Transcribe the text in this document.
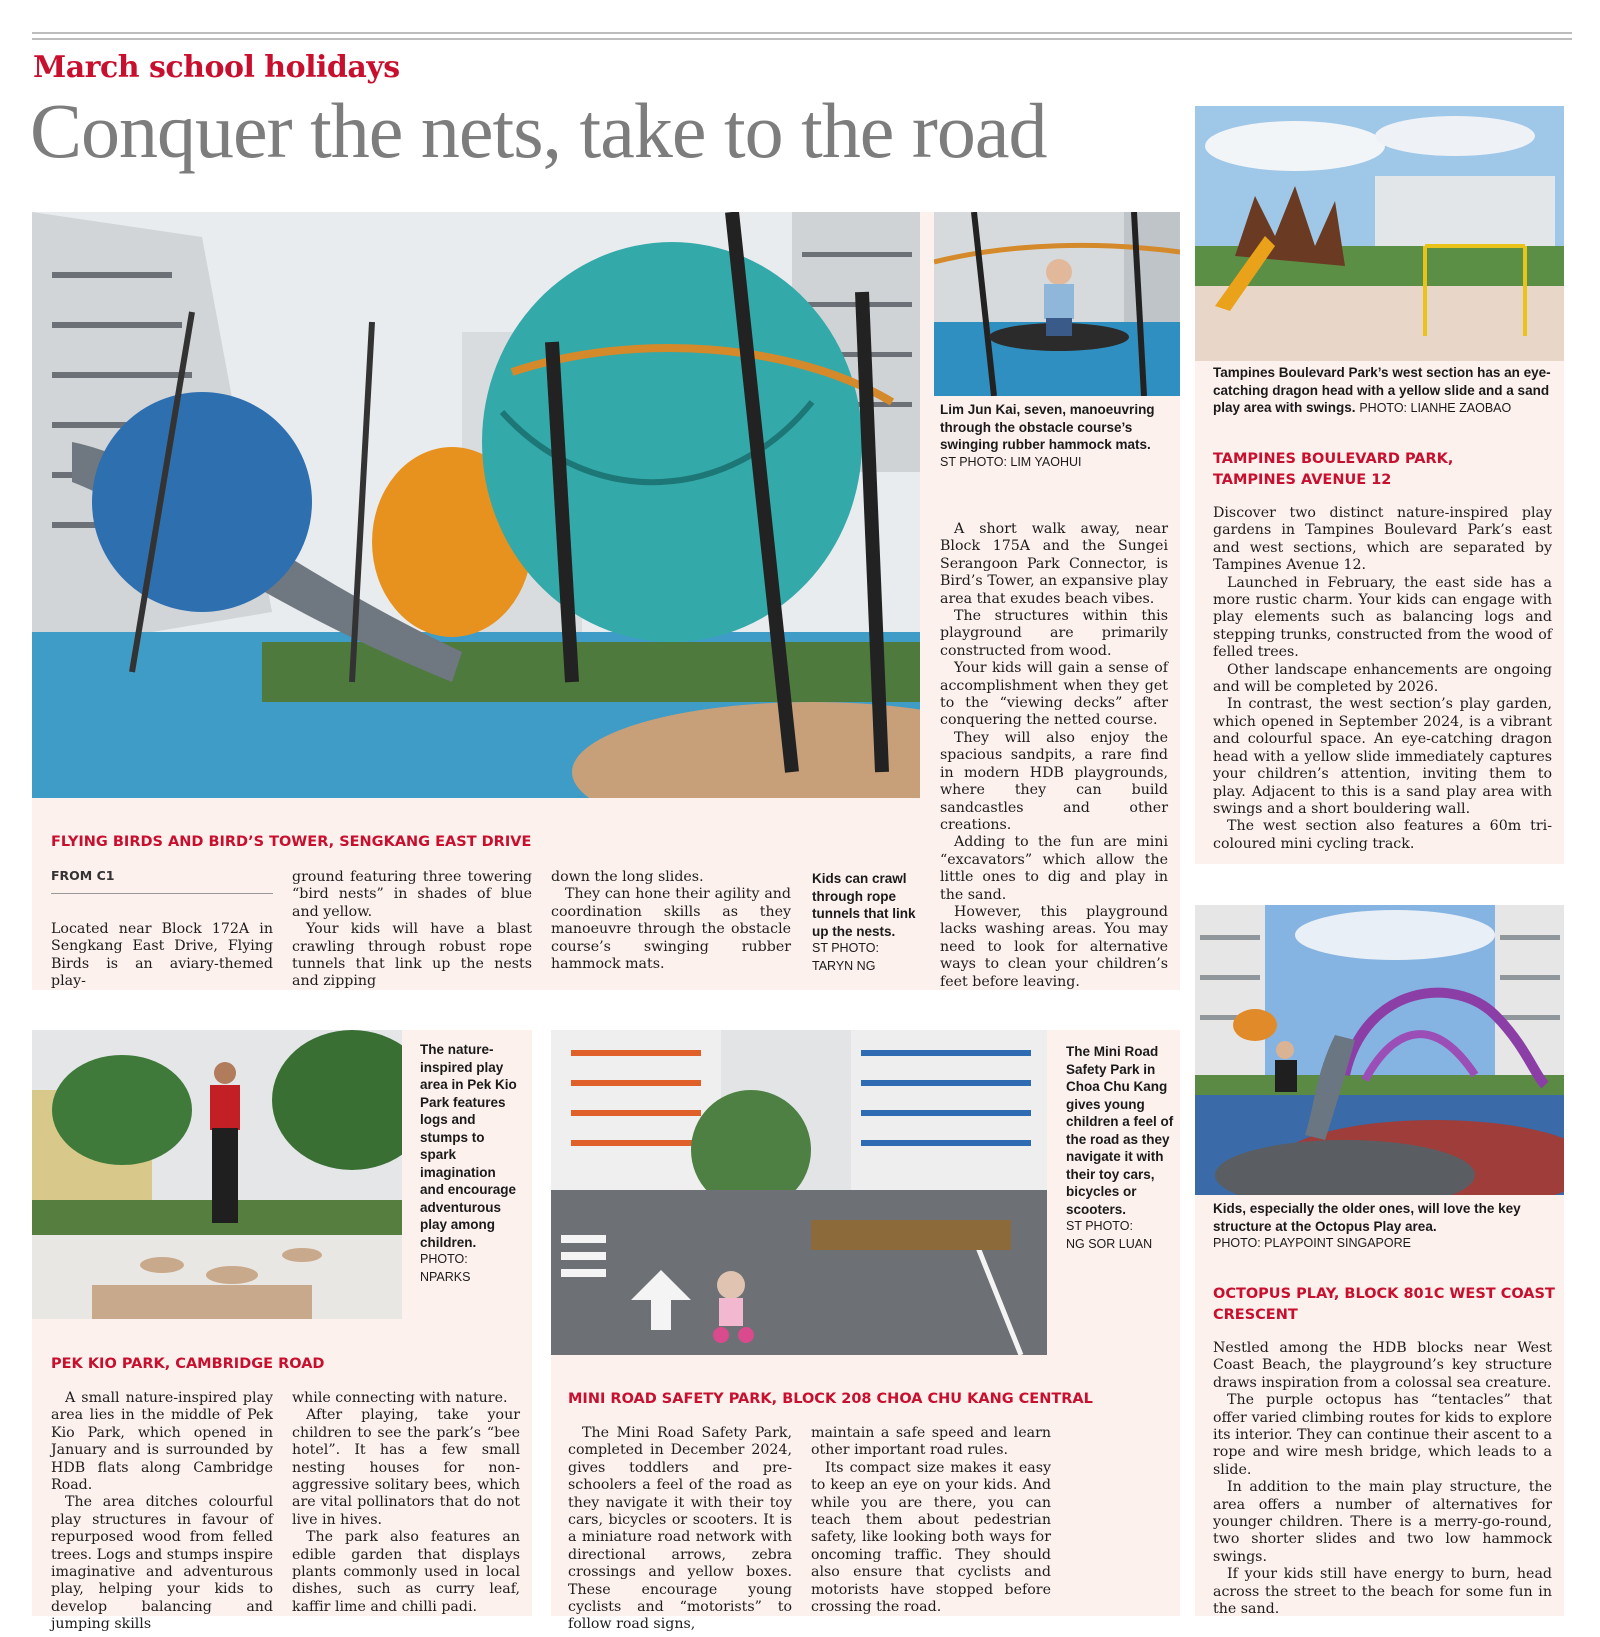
March school holidays
Conquer the nets, take to the road
Lim Jun Kai, seven, manoeuvring through the obstacle course’s swinging rubber hammock mats.
ST PHOTO: LIM YAOHUI
FLYING BIRDS AND BIRD’S TOWER, SENGKANG EAST DRIVE
FROM C1

Located near Block 172A in Sengkang East Drive, Flying Birds is an aviary-themed play-

ground featuring three towering “bird nests” in shades of blue and yellow.

Your kids will have a blast crawling through robust rope tunnels that link up the nests and zipping

down the long slides.

They can hone their agility and coordination skills as they manoeuvre through the obstacle course’s swinging rubber hammock mats.

Kids can crawl through rope tunnels that link up the nests.
ST PHOTO: TARYN NG

A short walk away, near Block 175A and the Sungei Serangoon Park Connector, is Bird’s Tower, an expansive play area that exudes beach vibes.

The structures within this playground are primarily constructed from wood.

Your kids will gain a sense of accomplishment when they get to the “viewing decks” after conquering the netted course.

They will also enjoy the spacious sandpits, a rare find in modern HDB playgrounds, where they can build sandcastles and other creations.

Adding to the fun are mini “excavators” which allow the little ones to dig and play in the sand.

However, this playground lacks washing areas. You may need to look for alternative ways to clean your children’s feet before leaving.

Tampines Boulevard Park’s west section has an eye-catching dragon head with a yellow slide and a sand play area with swings. PHOTO: LIANHE ZAOBAO
TAMPINES BOULEVARD PARK,
TAMPINES AVENUE 12

Discover two distinct nature-inspired play gardens in Tampines Boulevard Park’s east and west sections, which are separated by Tampines Avenue 12.

Launched in February, the east side has a more rustic charm. Your kids can engage with play elements such as balancing logs and stepping trunks, constructed from the wood of felled trees.

Other landscape enhancements are ongoing and will be completed by 2026.

In contrast, the west section’s play garden, which opened in September 2024, is a vibrant and colourful space. An eye-catching dragon head with a yellow slide immediately captures your children’s attention, inviting them to play. Adjacent to this is a sand play area with swings and a short bouldering wall.

The west section also features a 60m tri-coloured mini cycling track.

The nature-inspired play area in Pek Kio Park features logs and stumps to spark imagination and encourage adventurous play among children.
PHOTO: NPARKS
PEK KIO PARK, CAMBRIDGE ROAD

A small nature-inspired play area lies in the middle of Pek Kio Park, which opened in January and is surrounded by HDB flats along Cambridge Road.

The area ditches colourful play structures in favour of repurposed wood from felled trees. Logs and stumps inspire imaginative and adventurous play, helping your kids to develop balancing and jumping skills

while connecting with nature.

After playing, take your children to see the park’s “bee hotel”. It has a few small nesting houses for non-aggressive solitary bees, which are vital pollinators that do not live in hives.

The park also features an edible garden that displays plants commonly used in local dishes, such as curry leaf, kaffir lime and chilli padi.

The Mini Road Safety Park in Choa Chu Kang gives young children a feel of the road as they navigate it with their toy cars, bicycles or scooters.
ST PHOTO:
NG SOR LUAN
MINI ROAD SAFETY PARK, BLOCK 208 CHOA CHU KANG CENTRAL

The Mini Road Safety Park, completed in December 2024, gives toddlers and pre-schoolers a feel of the road as they navigate it with their toy cars, bicycles or scooters. It is a miniature road network with directional arrows, zebra crossings and yellow boxes. These encourage young cyclists and “motorists” to follow road signs,

maintain a safe speed and learn other important road rules.

Its compact size makes it easy to keep an eye on your kids. And while you are there, you can teach them about pedestrian safety, like looking both ways for oncoming traffic. They should also ensure that cyclists and motorists have stopped before crossing the road.

Kids, especially the older ones, will love the key structure at the Octopus Play area.
PHOTO: PLAYPOINT SINGAPORE
OCTOPUS PLAY, BLOCK 801C WEST COAST
CRESCENT

Nestled among the HDB blocks near West Coast Beach, the playground’s key structure draws inspiration from a colossal sea creature.

The purple octopus has “tentacles” that offer varied climbing routes for kids to explore its interior. They can continue their ascent to a rope and wire mesh bridge, which leads to a slide.

In addition to the main play structure, the area offers a number of alternatives for younger children. There is a merry-go-round, two shorter slides and two low hammock swings.

If your kids still have energy to burn, head across the street to the beach for some fun in the sand.
